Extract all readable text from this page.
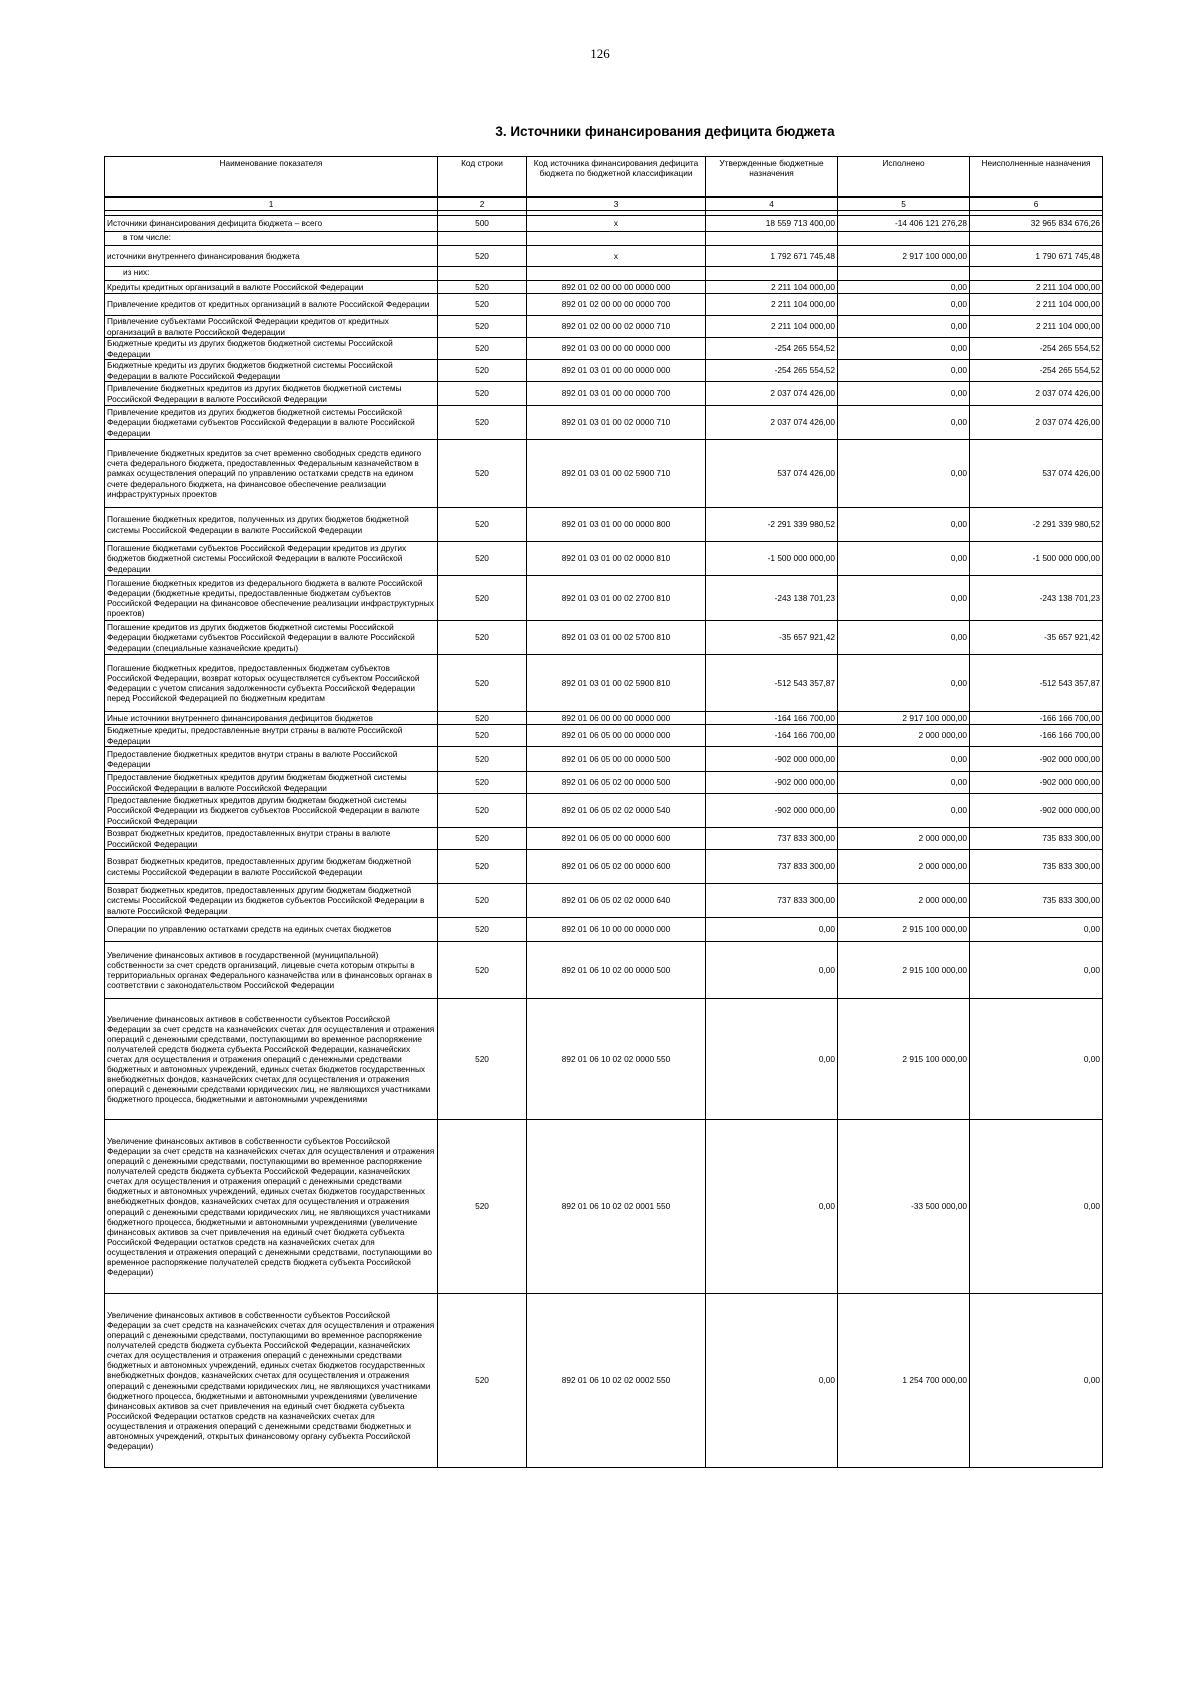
126
3. Источники финансирования дефицита бюджета
Наименование показателя	Код строки	Код источника финансирования дефицита бюджета по бюджетной классификации	Утвержденные бюджетные назначения	Исполнено	Неисполненные назначения
1	2	3	4	5	6

Источники финансирования дефицита бюджета – всего	500	x	18 559 713 400,00	-14 406 121 276,28	32 965 834 676,26
в том числе:					
источники внутреннего финансирования бюджета	520	x	1 792 671 745,48	2 917 100 000,00	1 790 671 745,48
из них:					
Кредиты кредитных организаций в валюте Российской Федерации	520	892 01 02 00 00 00 0000 000	2 211 104 000,00	0,00	2 211 104 000,00
Привлечение кредитов от кредитных организаций в валюте Российской Федерации	520	892 01 02 00 00 00 0000 700	2 211 104 000,00	0,00	2 211 104 000,00
Привлечение субъектами Российской Федерации кредитов от кредитных организаций в валюте Российской Федерации	520	892 01 02 00 00 02 0000 710	2 211 104 000,00	0,00	2 211 104 000,00
Бюджетные кредиты из других бюджетов бюджетной системы Российской Федерации	520	892 01 03 00 00 00 0000 000	-254 265 554,52	0,00	-254 265 554,52
Бюджетные кредиты из других бюджетов бюджетной системы Российской Федерации в валюте Российской Федерации	520	892 01 03 01 00 00 0000 000	-254 265 554,52	0,00	-254 265 554,52
Привлечение бюджетных кредитов из других бюджетов бюджетной системы Российской Федерации в валюте Российской Федерации	520	892 01 03 01 00 00 0000 700	2 037 074 426,00	0,00	2 037 074 426,00
Привлечение кредитов из других бюджетов бюджетной системы Российской Федерации бюджетами субъектов Российской Федерации в валюте Российской Федерации	520	892 01 03 01 00 02 0000 710	2 037 074 426,00	0,00	2 037 074 426,00
Привлечение бюджетных кредитов за счет временно свободных средств единого счета федерального бюджета, предоставленных Федеральным казначейством в рамках осуществления операций по управлению остатками средств на едином счете федерального бюджета, на финансовое обеспечение реализации инфраструктурных проектов	520	892 01 03 01 00 02 5900 710	537 074 426,00	0,00	537 074 426,00
Погашение бюджетных кредитов, полученных из других бюджетов бюджетной системы Российской Федерации в валюте Российской Федерации	520	892 01 03 01 00 00 0000 800	-2 291 339 980,52	0,00	-2 291 339 980,52
Погашение бюджетами субъектов Российской Федерации кредитов из других бюджетов бюджетной системы Российской Федерации в валюте Российской Федерации	520	892 01 03 01 00 02 0000 810	-1 500 000 000,00	0,00	-1 500 000 000,00
Погашение бюджетных кредитов из федерального бюджета в валюте Российской Федерации (бюджетные кредиты, предоставленные бюджетам субъектов Российской Федерации на финансовое обеспечение реализации инфраструктурных проектов)	520	892 01 03 01 00 02 2700 810	-243 138 701,23	0,00	-243 138 701,23
Погашение кредитов из других бюджетов бюджетной системы Российской Федерации бюджетами субъектов Российской Федерации в валюте Российской Федерации (специальные казначейские кредиты)	520	892 01 03 01 00 02 5700 810	-35 657 921,42	0,00	-35 657 921,42
Погашение бюджетных кредитов, предоставленных бюджетам субъектов Российской Федерации, возврат которых осуществляется субъектом Российской Федерации с учетом списания задолженности субъекта Российской Федерации перед Российской Федерацией по бюджетным кредитам	520	892 01 03 01 00 02 5900 810	-512 543 357,87	0,00	-512 543 357,87
Иные источники внутреннего финансирования дефицитов бюджетов	520	892 01 06 00 00 00 0000 000	-164 166 700,00	2 917 100 000,00	-166 166 700,00
Бюджетные кредиты, предоставленные внутри страны в валюте Российской Федерации	520	892 01 06 05 00 00 0000 000	-164 166 700,00	2 000 000,00	-166 166 700,00
Предоставление бюджетных кредитов внутри страны в валюте Российской Федерации	520	892 01 06 05 00 00 0000 500	-902 000 000,00	0,00	-902 000 000,00
Предоставление бюджетных кредитов другим бюджетам бюджетной системы Российской Федерации в валюте Российской Федерации	520	892 01 06 05 02 00 0000 500	-902 000 000,00	0,00	-902 000 000,00
Предоставление бюджетных кредитов другим бюджетам бюджетной системы Российской Федерации из бюджетов субъектов Российской Федерации в валюте Российской Федерации	520	892 01 06 05 02 02 0000 540	-902 000 000,00	0,00	-902 000 000,00
Возврат бюджетных кредитов, предоставленных внутри страны в валюте Российской Федерации	520	892 01 06 05 00 00 0000 600	737 833 300,00	2 000 000,00	735 833 300,00
Возврат бюджетных кредитов, предоставленных другим бюджетам бюджетной системы Российской Федерации в валюте Российской Федерации	520	892 01 06 05 02 00 0000 600	737 833 300,00	2 000 000,00	735 833 300,00
Возврат бюджетных кредитов, предоставленных другим бюджетам бюджетной системы Российской Федерации из бюджетов субъектов Российской Федерации в валюте Российской Федерации	520	892 01 06 05 02 02 0000 640	737 833 300,00	2 000 000,00	735 833 300,00
Операции по управлению остатками средств на единых счетах бюджетов	520	892 01 06 10 00 00 0000 000	0,00	2 915 100 000,00	0,00
Увеличение финансовых активов в государственной (муниципальной) собственности за счет средств организаций, лицевые счета которым открыты в территориальных органах Федерального казначейства или в финансовых органах в соответствии с законодательством Российской Федерации	520	892 01 06 10 02 00 0000 500	0,00	2 915 100 000,00	0,00
Увеличение финансовых активов в собственности субъектов Российской Федерации за счет средств на казначейских счетах для осуществления и отражения операций с денежными средствами, поступающими во временное распоряжение получателей средств бюджета субъекта Российской Федерации, казначейских счетах для осуществления и отражения операций с денежными средствами бюджетных и автономных учреждений, единых счетах бюджетов государственных внебюджетных фондов, казначейских счетах для осуществления и отражения операций с денежными средствами юридических лиц, не являющихся участниками бюджетного процесса, бюджетными и автономными учреждениями	520	892 01 06 10 02 02 0000 550	0,00	2 915 100 000,00	0,00
Увеличение финансовых активов в собственности субъектов Российской Федерации за счет средств на казначейских счетах для осуществления и отражения операций с денежными средствами, поступающими во временное распоряжение получателей средств бюджета субъекта Российской Федерации, казначейских счетах для осуществления и отражения операций с денежными средствами бюджетных и автономных учреждений, единых счетах бюджетов государственных внебюджетных фондов, казначейских счетах для осуществления и отражения операций с денежными средствами юридических лиц, не являющихся участниками бюджетного процесса, бюджетными и автономными учреждениями (увеличение финансовых активов за счет привлечения на единый счет бюджета субъекта Российской Федерации остатков средств на казначейских счетах для осуществления и отражения операций с денежными средствами, поступающими во временное распоряжение получателей средств бюджета субъекта Российской Федерации)	520	892 01 06 10 02 02 0001 550	0,00	-33 500 000,00	0,00
Увеличение финансовых активов в собственности субъектов Российской Федерации за счет средств на казначейских счетах для осуществления и отражения операций с денежными средствами, поступающими во временное распоряжение получателей средств бюджета субъекта Российской Федерации, казначейских счетах для осуществления и отражения операций с денежными средствами бюджетных и автономных учреждений, единых счетах бюджетов государственных внебюджетных фондов, казначейских счетах для осуществления и отражения операций с денежными средствами юридических лиц, не являющихся участниками бюджетного процесса, бюджетными и автономными учреждениями (увеличение финансовых активов за счет привлечения на единый счет бюджета субъекта Российской Федерации остатков средств на казначейских счетах для осуществления и отражения операций с денежными средствами бюджетных и автономных учреждений, открытых финансовому органу субъекта Российской Федерации)	520	892 01 06 10 02 02 0002 550	0,00	1 254 700 000,00	0,00
